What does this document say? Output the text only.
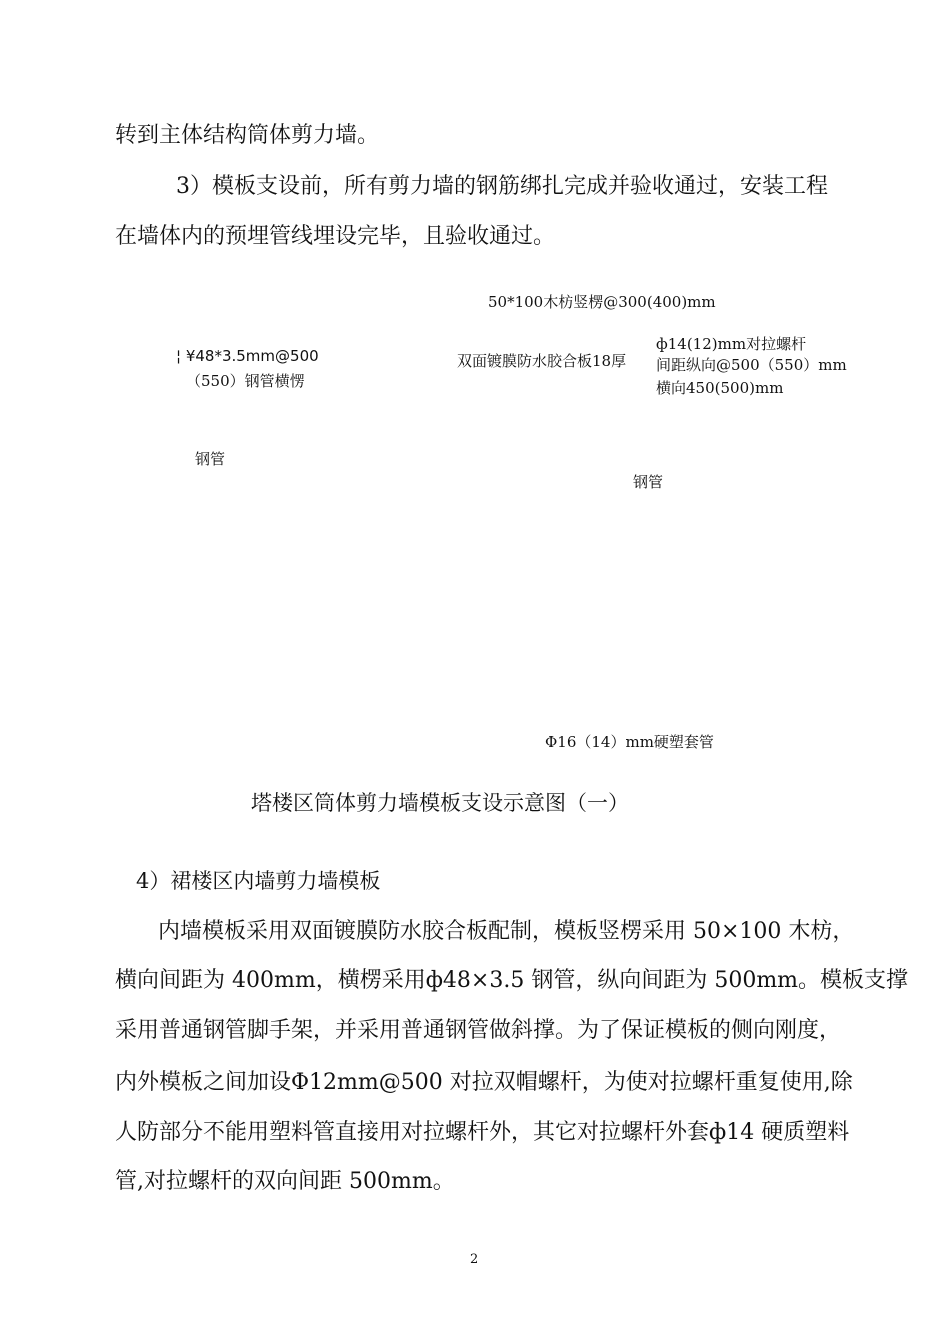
转到主体结构筒体剪力墙。

3）模板支设前，所有剪力墙的钢筋绑扎完成并验收通过，安装工程

在墙体内的预埋管线埋设完毕，且验收通过。

50*100木枋竖楞@300(400)mm
¦ ¥48*3.5mm@500
（550）钢管横愣
双面镀膜防水胶合板18厚
ф14(12)mm对拉螺杆
间距纵向@500（550）mm
横向450(500)mm
钢管
钢管
Φ16（14）mm硬塑套管

塔楼区筒体剪力墙模板支设示意图（一）

4）裙楼区内墙剪力墙模板

内墙模板采用双面镀膜防水胶合板配制，模板竖楞采用 50×100 木枋，

横向间距为 400mm，横楞采用ф48×3.5 钢管，纵向间距为 500mm。模板支撑

采用普通钢管脚手架，并采用普通钢管做斜撑。为了保证模板的侧向刚度，

内外模板之间加设Φ12mm@500 对拉双帽螺杆，为使对拉螺杆重复使用,除

人防部分不能用塑料管直接用对拉螺杆外，其它对拉螺杆外套ф14 硬质塑料

管,对拉螺杆的双向间距 500mm。

2
